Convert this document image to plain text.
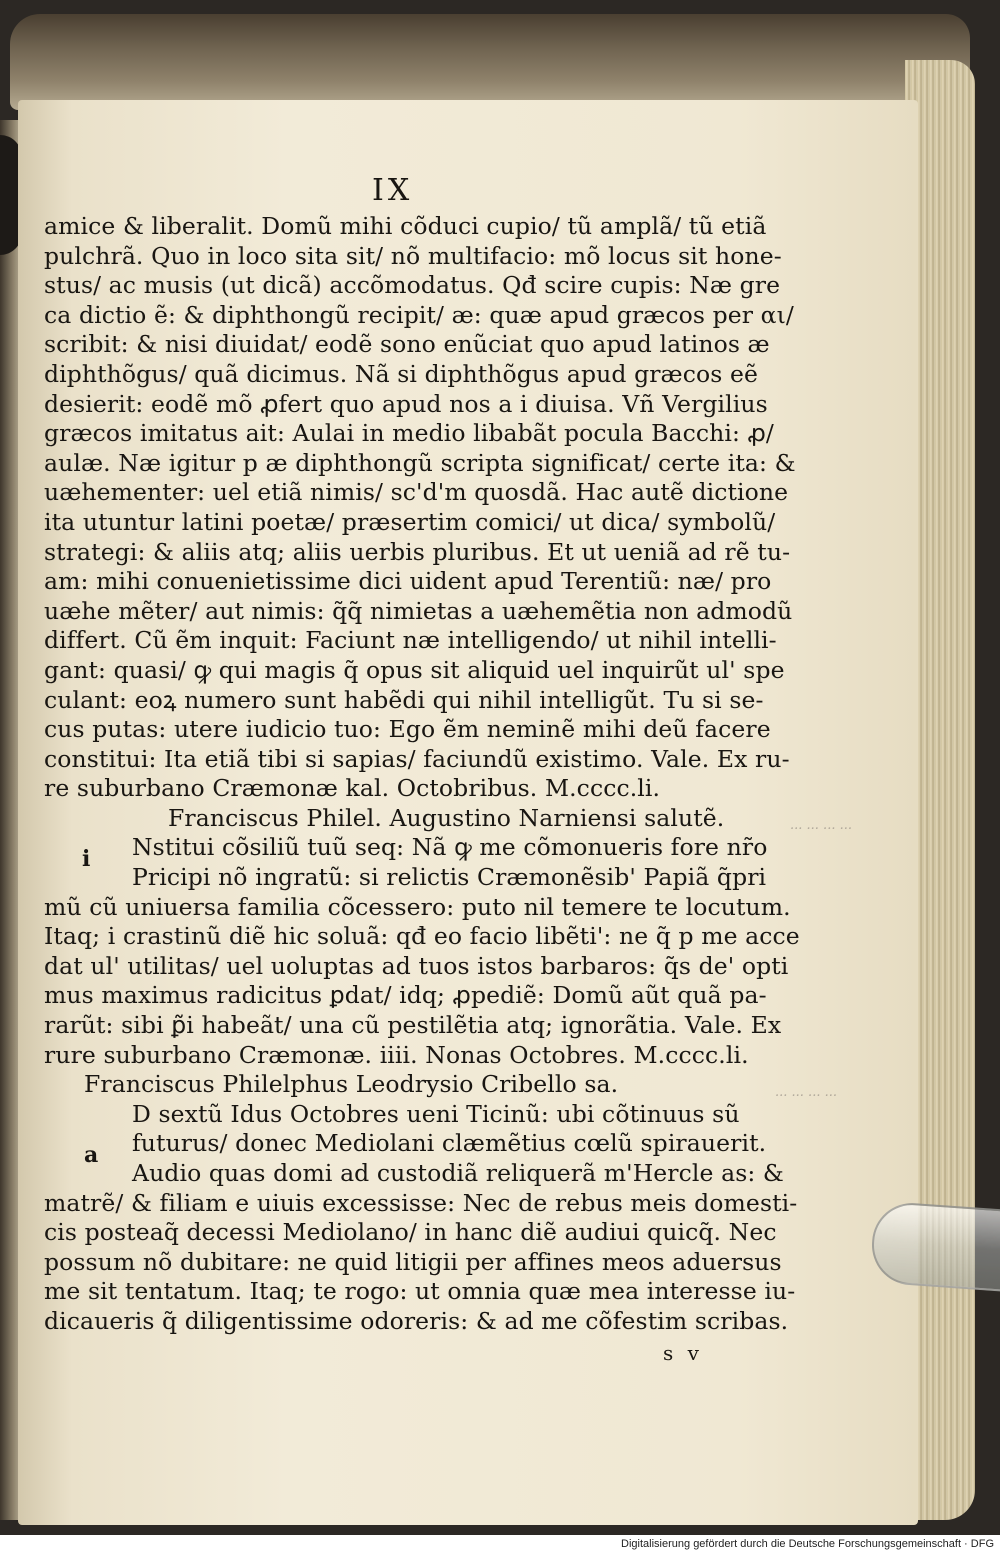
IX
amice & liberalit. Domũ mihi cõduci cupio/ tũ amplã/ tũ etiã
pulchrã. Quo in loco sita sit/ nõ multifacio: mõ locus sit hone‑
stus/ ac musis (ut dicã) accõmodatus. Qđ scire cupis: Næ gre
ca dictio ẽ: & diphthongũ recipit/ æ: quæ apud græcos per αι/
scribit: & nisi diuidat/ eodẽ sono enũciat quo apud latinos æ
diphthõgus/ quã dicimus. Nã si diphthõgus apud græcos eẽ
desierit: eodẽ mõ ꝓfert quo apud nos a i diuisa. Vñ Vergilius
græcos imitatus ait: Aulai in medio libabãt pocula Bacchi: ꝓ/
aulæ. Næ igitur p æ diphthongũ scripta significat/ certe ita: &
uæhementer: uel etiã nimis/ sc'd'm quosdã. Hac autẽ dictione
ita utuntur latini poetæ/ præsertim comici/ ut dica/ symbolũ/
strategi: & aliis atq; aliis uerbis pluribus. Et ut ueniã ad rẽ tu‑
am: mihi conuenietissime dici uident apud Terentiũ: næ/ pro
uæhe mẽter/ aut nimis: q̃q̃ nimietas a uæhemẽtia non admodũ
differt. Cũ ẽm inquit: Faciunt næ intelligendo/ ut nihil intelli‑
gant: quasi/ ꝙ qui magis q̃ opus sit aliquid uel inquirũt ul' spe
culant: eoꝝ numero sunt habẽdi qui nihil intelligũt. Tu si se‑
cus putas: utere iudicio tuo: Ego ẽm neminẽ mihi deũ facere
constitui: Ita etiã tibi si sapias/ faciundũ existimo. Vale. Ex ru‑
re suburbano Cræmonæ kal. Octobribus. M.cccc.li.
Franciscus Philel. Augustino Narniensi salutẽ.
Nstitui cõsiliũ tuũ seq: Nã ꝙ me cõmonueris fore nr̃o
Pricipi nõ ingratũ: si relictis Cræmonẽsib' Papiã q̃pri
mũ cũ uniuersa familia cõcessero: puto nil temere te locutum.
Itaq; i crastinũ diẽ hic soluã: qđ eo facio libẽti': ne q̃ p me acce
dat ul' utilitas/ uel uoluptas ad tuos istos barbaros: q̃s de' opti
mus maximus radicitus ꝑdat/ idq; ꝓpediẽ: Domũ aũt quã pa‑
rarũt: sibi ꝑ̃i habeãt/ una cũ pestilẽtia atq; ignorãtia. Vale. Ex
rure suburbano Cræmonæ. iiii. Nonas Octobres. M.cccc.li.
Franciscus Philelphus Leodrysio Cribello sa.
D sextũ Idus Octobres ueni Ticinũ: ubi cõtinuus sũ
futurus/ donec Mediolani clæmẽtius cœlũ spirauerit.
Audio quas domi ad custodiã reliquerã m'Hercle as: &
matrẽ/ & filiam e uiuis excessisse: Nec de rebus meis domesti‑
cis posteaq̃ decessi Mediolano/ in hanc diẽ audiui quicq̃. Nec
possum nõ dubitare: ne quid litigii per affines meos aduersus
me sit tentatum. Itaq; te rogo: ut omnia quæ mea interesse iu‑
dicaueris q̃ diligentissime odoreris: & ad me cõfestim scribas.
i
a
... ... ... ...
... ... ... ...
s v
Digitalisierung gefördert durch die Deutsche Forschungsgemeinschaft · DFG
